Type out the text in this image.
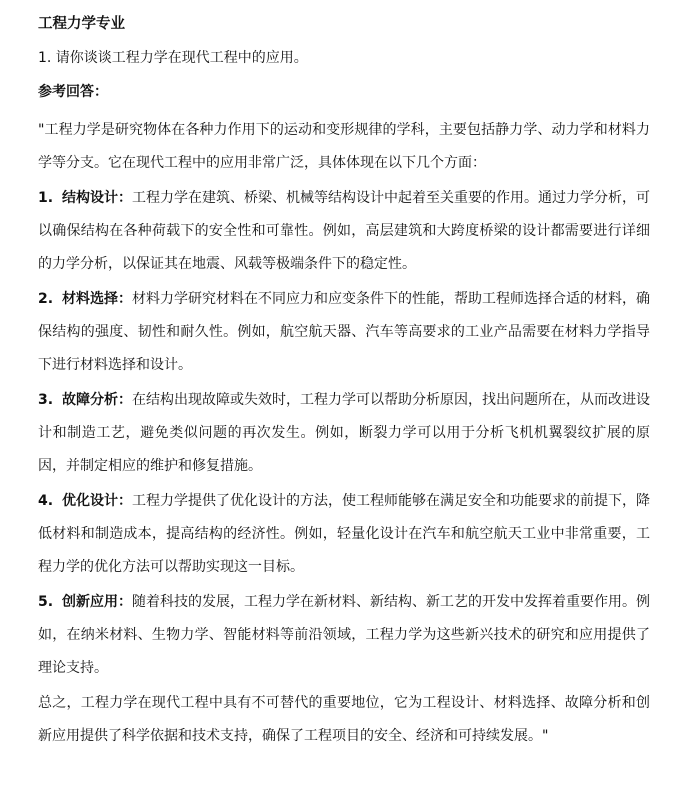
工程力学专业
1. 请你谈谈工程力学在现代工程中的应用。
参考回答：
"工程力学是研究物体在各种力作用下的运动和变形规律的学科，主要包括静力学、动力学和材料力学等分支。它在现代工程中的应用非常广泛，具体体现在以下几个方面：
1. 结构设计：工程力学在建筑、桥梁、机械等结构设计中起着至关重要的作用。通过力学分析，可以确保结构在各种荷载下的安全性和可靠性。例如，高层建筑和大跨度桥梁的设计都需要进行详细的力学分析，以保证其在地震、风载等极端条件下的稳定性。
2. 材料选择：材料力学研究材料在不同应力和应变条件下的性能，帮助工程师选择合适的材料，确保结构的强度、韧性和耐久性。例如，航空航天器、汽车等高要求的工业产品需要在材料力学指导下进行材料选择和设计。
3. 故障分析：在结构出现故障或失效时，工程力学可以帮助分析原因，找出问题所在，从而改进设计和制造工艺，避免类似问题的再次发生。例如，断裂力学可以用于分析飞机机翼裂纹扩展的原因，并制定相应的维护和修复措施。
4. 优化设计：工程力学提供了优化设计的方法，使工程师能够在满足安全和功能要求的前提下，降低材料和制造成本，提高结构的经济性。例如，轻量化设计在汽车和航空航天工业中非常重要，工程力学的优化方法可以帮助实现这一目标。
5. 创新应用：随着科技的发展，工程力学在新材料、新结构、新工艺的开发中发挥着重要作用。例如，在纳米材料、生物力学、智能材料等前沿领域，工程力学为这些新兴技术的研究和应用提供了理论支持。
总之，工程力学在现代工程中具有不可替代的重要地位，它为工程设计、材料选择、故障分析和创新应用提供了科学依据和技术支持，确保了工程项目的安全、经济和可持续发展。"
